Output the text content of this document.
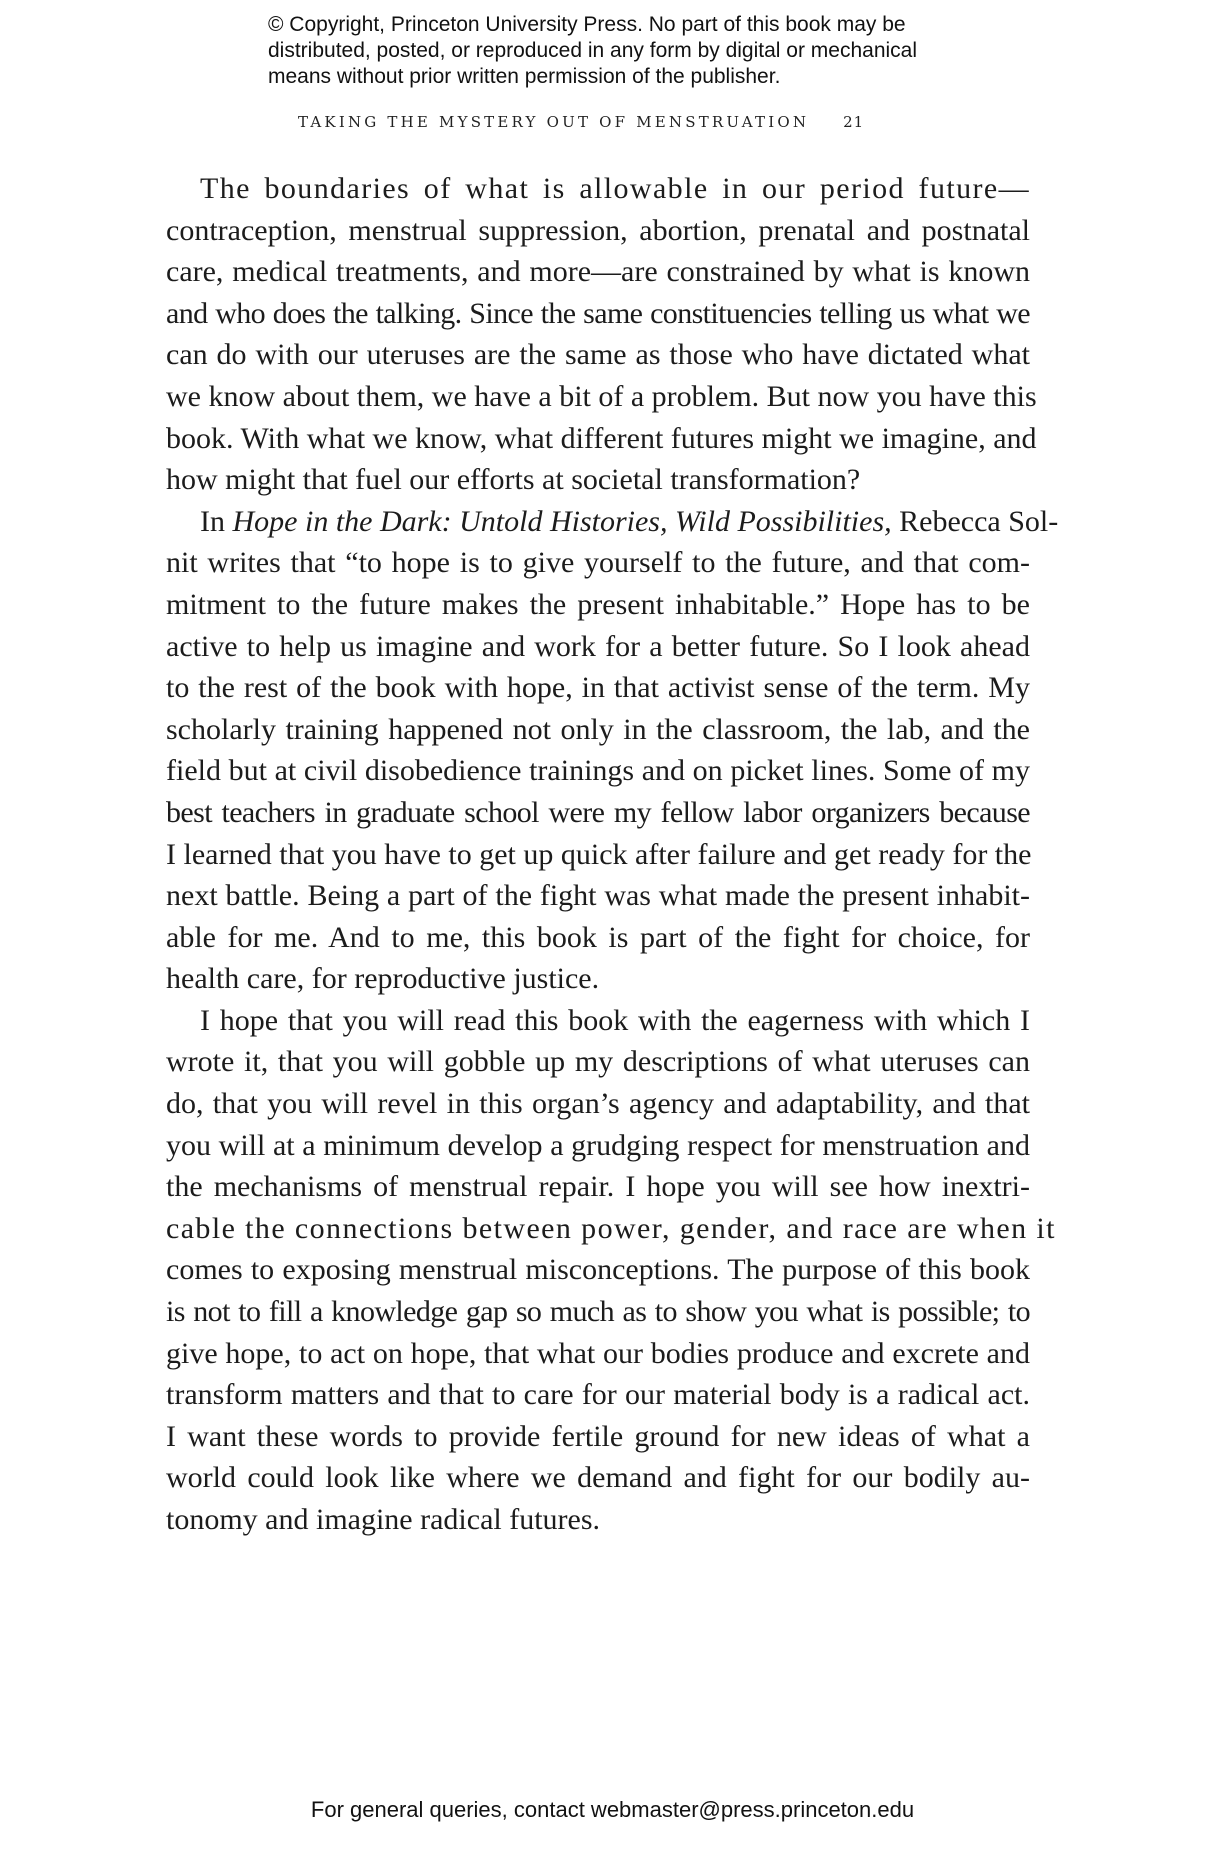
© Copyright, Princeton University Press. No part of this book may be
distributed, posted, or reproduced in any form by digital or mechanical
means without prior written permission of the publisher.
TAKING THE MYSTERY OUT OF MENSTRUATION 21
The boundaries of what is allowable in our period future—
contraception, menstrual suppression, abortion, prenatal and postnatal
care, medical treatments, and more—are constrained by what is known
and who does the talking. Since the same constituencies telling us what we
can do with our uteruses are the same as those who have dictated what
we know about them, we have a bit of a problem. But now you have this
book. With what we know, what different futures might we imagine, and
how might that fuel our efforts at societal transformation?
In Hope in the Dark: Untold Histories, Wild Possibilities, Rebecca Sol-
nit writes that “to hope is to give yourself to the future, and that com-
mitment to the future makes the present inhabitable.” Hope has to be
active to help us imagine and work for a better future. So I look ahead
to the rest of the book with hope, in that activist sense of the term. My
scholarly training happened not only in the classroom, the lab, and the
field but at civil disobedience trainings and on picket lines. Some of my
best teachers in graduate school were my fellow labor organizers because
I learned that you have to get up quick after failure and get ready for the
next battle. Being a part of the fight was what made the present inhabit-
able for me. And to me, this book is part of the fight for choice, for
health care, for reproductive justice.
I hope that you will read this book with the eagerness with which I
wrote it, that you will gobble up my descriptions of what uteruses can
do, that you will revel in this organ’s agency and adaptability, and that
you will at a minimum develop a grudging respect for menstruation and
the mechanisms of menstrual repair. I hope you will see how inextri-
cable the connections between power, gender, and race are when it
comes to exposing menstrual misconceptions. The purpose of this book
is not to fill a knowledge gap so much as to show you what is possible; to
give hope, to act on hope, that what our bodies produce and excrete and
transform matters and that to care for our material body is a radical act.
I want these words to provide fertile ground for new ideas of what a
world could look like where we demand and fight for our bodily au-
tonomy and imagine radical futures.
For general queries, contact webmaster@press.princeton.edu
